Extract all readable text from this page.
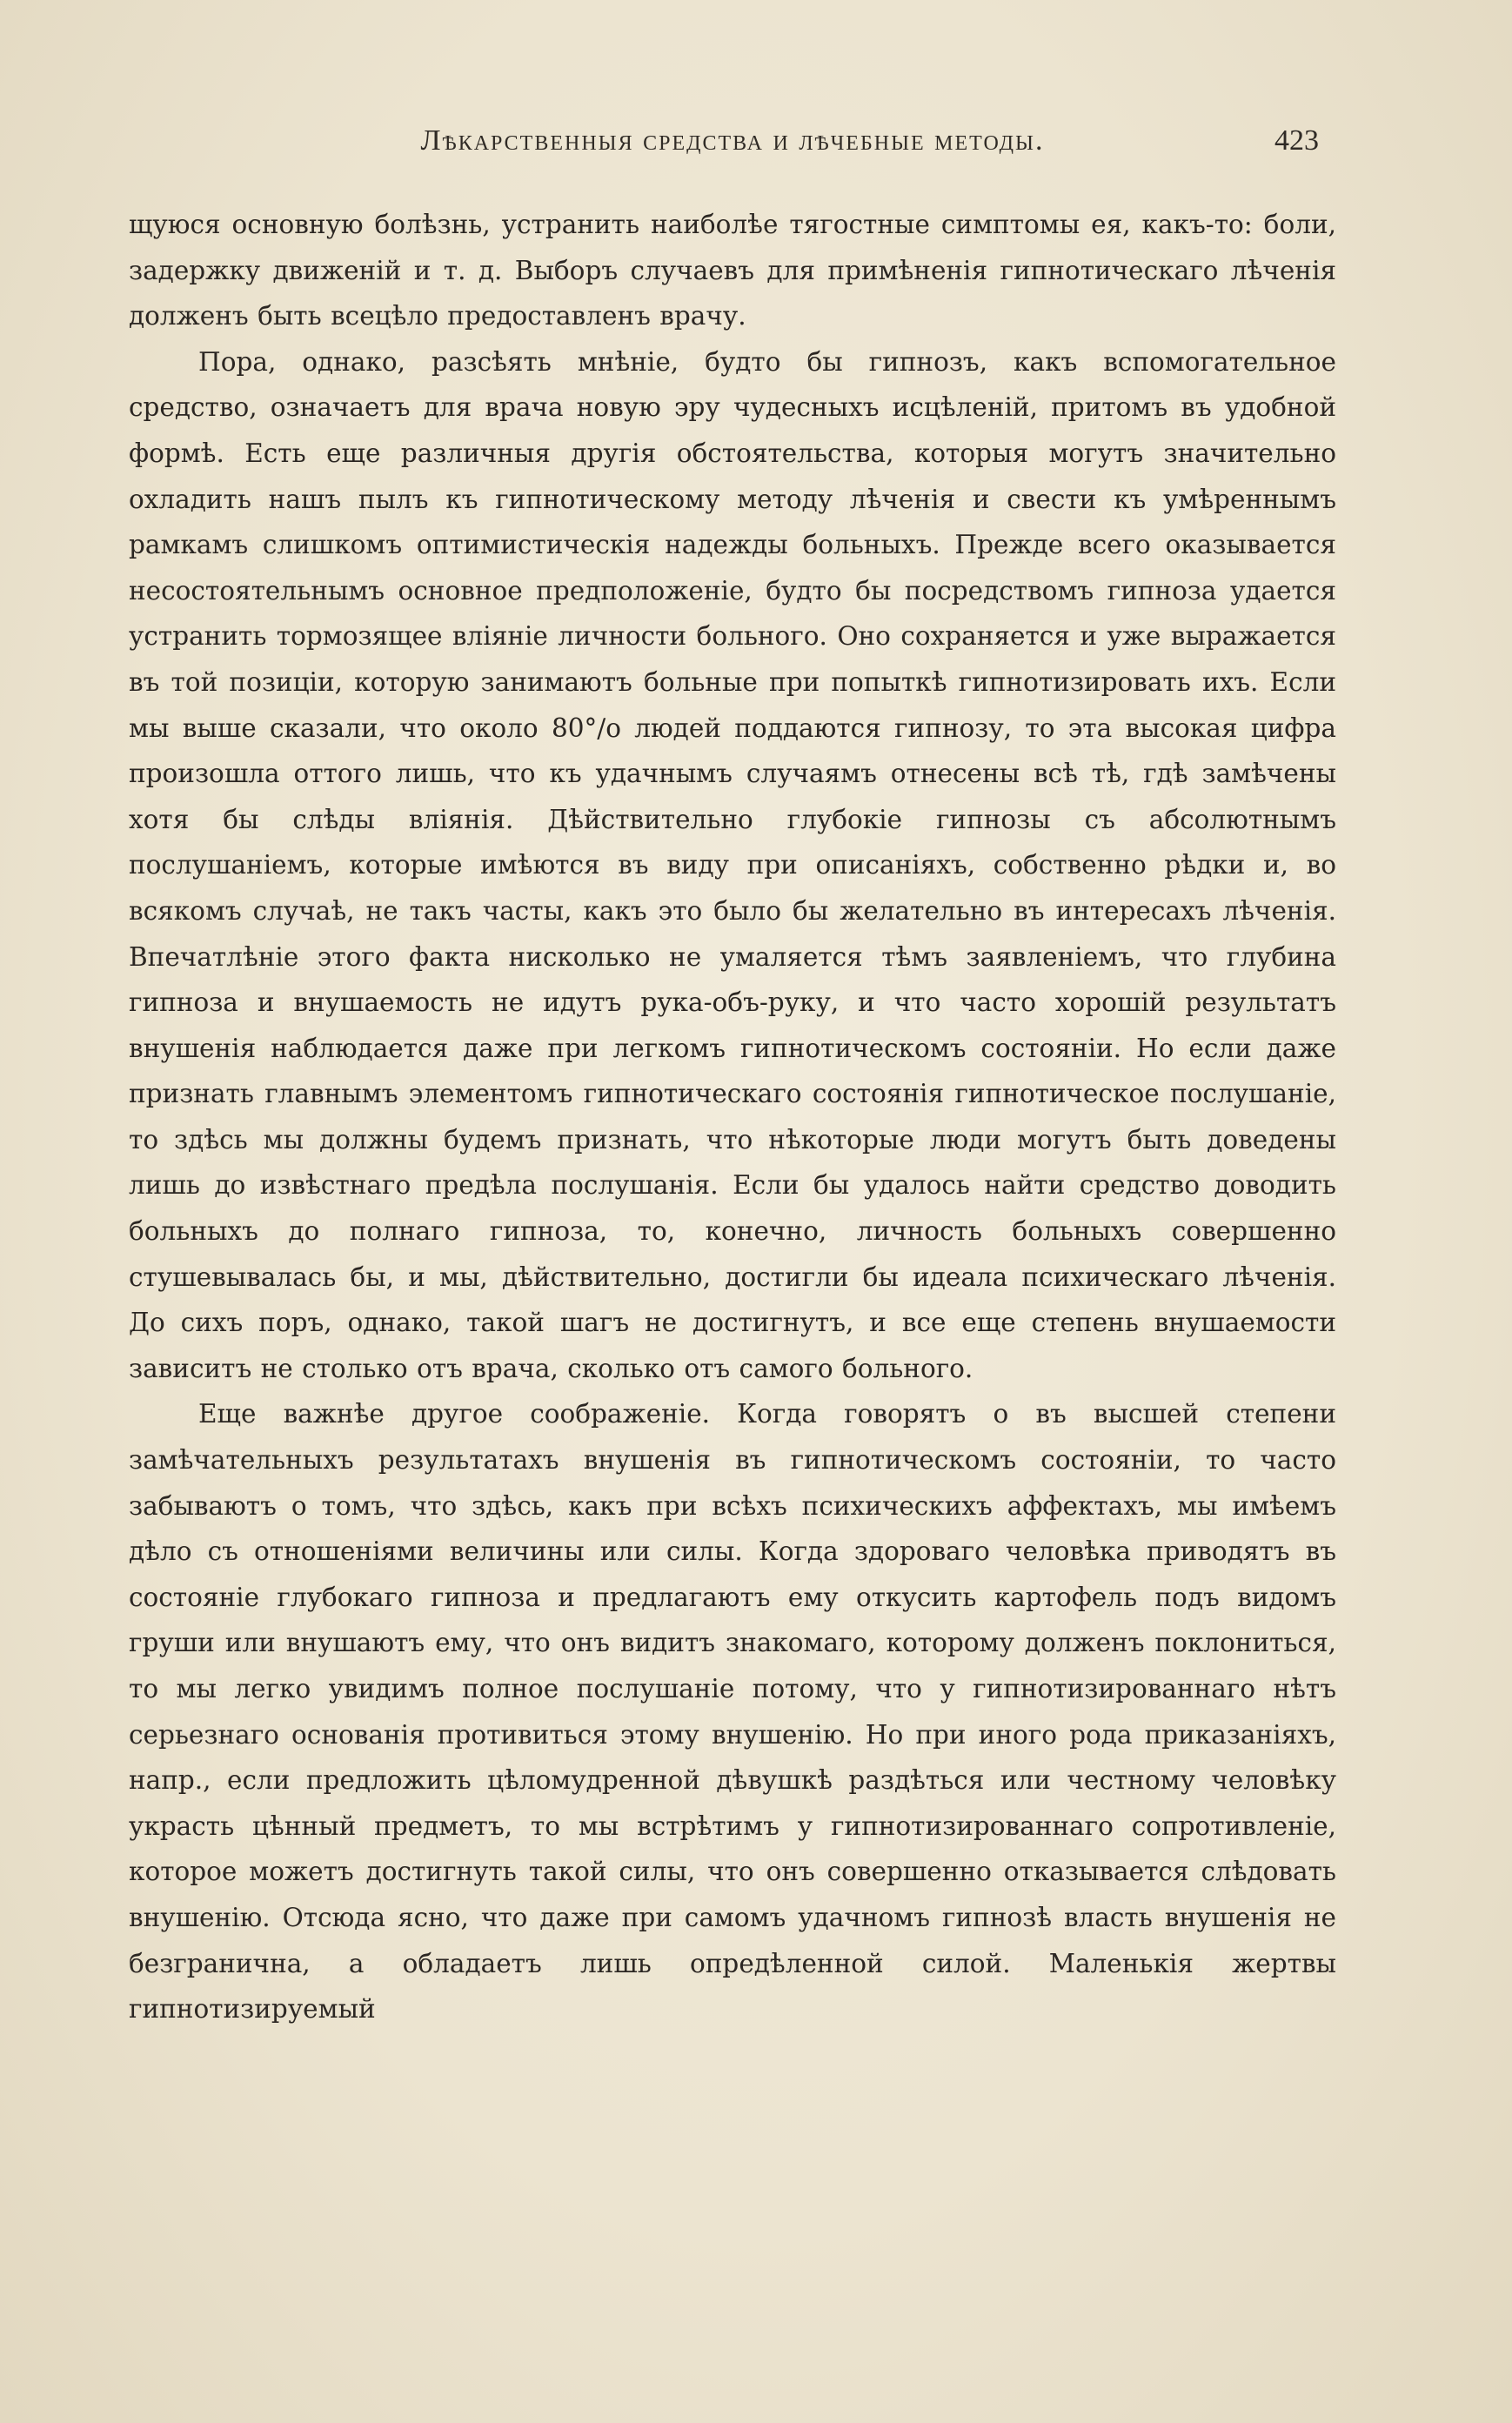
Лѣкарственныя средства и лѣчебные методы.	423

щуюся основную болѣзнь, устранить наиболѣе тягостные симптомы ея, какъ-то: боли, задержку движеній и т. д. Выборъ случаевъ для примѣненія гипнотическаго лѣченія долженъ быть всецѣло предоставленъ врачу.

Пора, однако, разсѣять мнѣніе, будто бы гипнозъ, какъ вспомогательное средство, означаетъ для врача новую эру чудесныхъ исцѣленій, притомъ въ удобной формѣ. Есть еще различныя другія обстоятельства, которыя могутъ значительно охладить нашъ пылъ къ гипнотическому методу лѣченія и свести къ умѣреннымъ рамкамъ слишкомъ оптимистическія надежды больныхъ. Прежде всего оказывается несостоятельнымъ основное предположеніе, будто бы посредствомъ гипноза удается устранить тормозящее вліяніе личности больного. Оно сохраняется и уже выражается въ той позиціи, которую занимаютъ больные при попыткѣ гипнотизировать ихъ. Если мы выше сказали, что около 80°/о людей поддаются гипнозу, то эта высокая цифра произошла оттого лишь, что къ удачнымъ случаямъ отнесены всѣ тѣ, гдѣ замѣчены хотя бы слѣды вліянія. Дѣйствительно глубокіе гипнозы съ абсолютнымъ послушаніемъ, которые имѣются въ виду при описаніяхъ, собственно рѣдки и, во всякомъ случаѣ, не такъ часты, какъ это было бы желательно въ интересахъ лѣченія. Впечатлѣніе этого факта нисколько не умаляется тѣмъ заявленіемъ, что глубина гипноза и внушаемость не идутъ рука-объ-руку, и что часто хорошій результатъ внушенія наблюдается даже при легкомъ гипнотическомъ состояніи. Но если даже признать главнымъ элементомъ гипнотическаго состоянія гипнотическое послушаніе, то здѣсь мы должны будемъ признать, что нѣкоторые люди могутъ быть доведены лишь до извѣстнаго предѣла послушанія. Если бы удалось найти средство доводить больныхъ до полнаго гипноза, то, конечно, личность больныхъ совершенно стушевывалась бы, и мы, дѣйствительно, достигли бы идеала психическаго лѣченія. До сихъ поръ, однако, такой шагъ не достигнутъ, и все еще степень внушаемости зависитъ не столько отъ врача, сколько отъ самого больного.

Еще важнѣе другое соображеніе. Когда говорятъ о въ высшей степени замѣчательныхъ результатахъ внушенія въ гипнотическомъ состояніи, то часто забываютъ о томъ, что здѣсь, какъ при всѣхъ психическихъ аффектахъ, мы имѣемъ дѣло съ отношеніями величины или силы. Когда здороваго человѣка приводятъ въ состояніе глубокаго гипноза и предлагаютъ ему откусить картофель подъ видомъ груши или внушаютъ ему, что онъ видитъ знакомаго, которому долженъ поклониться, то мы легко увидимъ полное послушаніе потому, что у гипнотизированнаго нѣтъ серьезнаго основанія противиться этому внушенію. Но при иного рода приказаніяхъ, напр., если предложить цѣломудренной дѣвушкѣ раздѣться или честному человѣку украсть цѣнный предметъ, то мы встрѣтимъ у гипнотизированнаго сопротивленіе, которое можетъ достигнуть такой силы, что онъ совершенно отказывается слѣдовать внушенію. Отсюда ясно, что даже при самомъ удачномъ гипнозѣ власть внушенія не безгранична, а обладаетъ лишь опредѣленной силой. Маленькія жертвы гипнотизируемый
